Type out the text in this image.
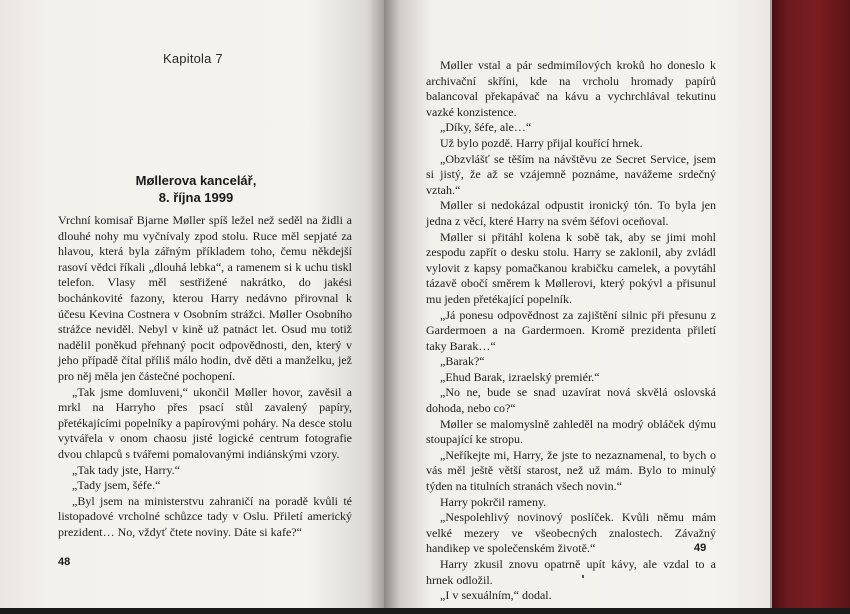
Kapitola 7
Møllerova kancelář,
8. října 1999

Vrchní komisař Bjarne Møller spíš ležel než seděl na židli a dlouhé nohy mu vyčnívaly zpod stolu. Ruce měl sepjaté za hlavou, která byla zářným příkladem toho, čemu někdejší rasoví vědci říkali „dlouhá lebka“, a ramenem si k uchu tiskl telefon. Vlasy měl sestřižené nakrátko, do jakési bochánkovité fazony, kterou Harry nedávno přirovnal k účesu Kevina Costnera v Osobním strážci. Møller Osobního strážce neviděl. Nebyl v kině už patnáct let. Osud mu totiž nadělil poněkud přehnaný pocit odpovědnosti, den, který v jeho případě čítal příliš málo hodin, dvě děti a manželku, jež pro něj měla jen částečné pochopení.

„Tak jsme domluveni,“ ukončil Møller hovor, zavěsil a mrkl na Harryho přes psací stůl zavalený papíry, přetékajícími popelníky a papírovými poháry. Na desce stolu vytvářela v onom chaosu jisté logické centrum fotografie dvou chlapců s tvářemi pomalovanými indiánskými vzory.

„Tak tady jste, Harry.“

„Tady jsem, šéfe.“

„Byl jsem na ministerstvu zahraničí na poradě kvůli té listopadové vrcholné schůzce tady v Oslu. Přiletí americký prezident… No, vždyť čtete noviny. Dáte si kafe?“

48

Møller vstal a pár sedmimílových kroků ho doneslo k archivační skříni, kde na vrcholu hromady papírů balancoval překapávač na kávu a vychrchlával tekutinu vazké konzistence.

„Díky, šéfe, ale…“

Už bylo pozdě. Harry přijal kouřící hrnek.

„Obzvlášť se těším na návštěvu ze Secret Service, jsem si jistý, že až se vzájemně poznáme, navážeme srdečný vztah.“

Møller si nedokázal odpustit ironický tón. To byla jen jedna z věcí, které Harry na svém šéfovi oceňoval.

Møller si přitáhl kolena k sobě tak, aby se jimi mohl zespodu zapřít o desku stolu. Harry se zaklonil, aby zvládl vylovit z kapsy pomačkanou krabičku camelek, a povytáhl tázavě obočí směrem k Møllerovi, který pokývl a přisunul mu jeden přetékající popelník.

„Já ponesu odpovědnost za zajištění silnic při přesunu z Gardermoen a na Gardermoen. Kromě prezidenta přiletí taky Barak…“

„Barak?“

„Ehud Barak, izraelský premiér.“

„No ne, bude se snad uzavírat nová skvělá oslovská dohoda, nebo co?“

Møller se malomyslně zahleděl na modrý obláček dýmu stoupající ke stropu.

„Neříkejte mi, Harry, že jste to nezaznamenal, to bych o vás měl ještě větší starost, než už mám. Bylo to minulý týden na titulních stranách všech novin.“

Harry pokrčil rameny.

„Nespolehlivý novinový poslíček. Kvůli němu mám velké mezery ve všeobecných znalostech. Závažný handikep ve společenském životě.“

Harry zkusil znovu opatrně upít kávy, ale vzdal to a hrnek odložil.

„I v sexuálním,“ dodal.

49
